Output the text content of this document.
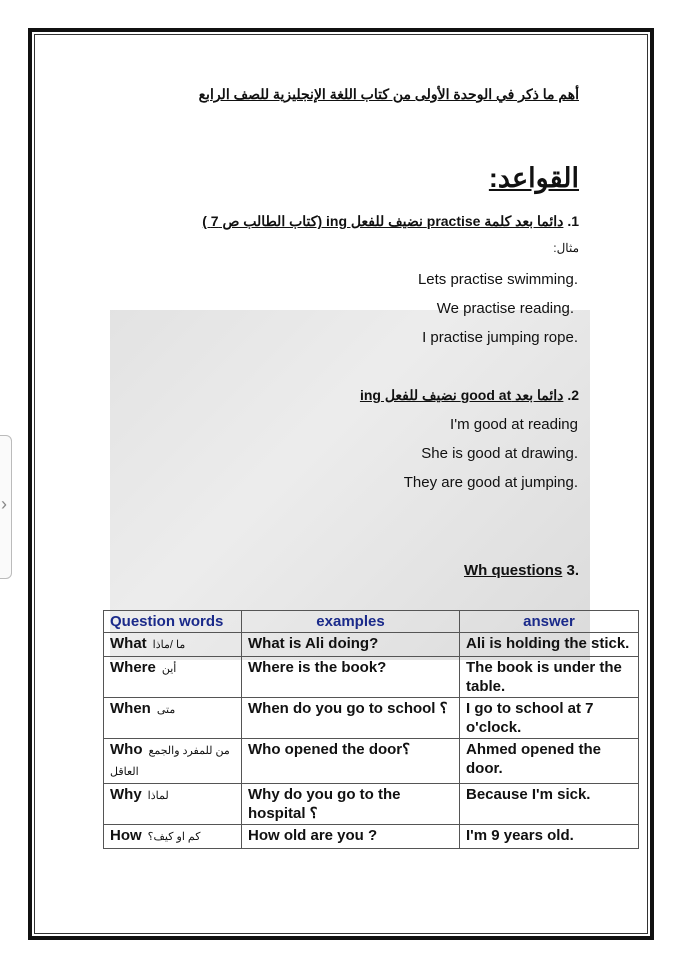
›
أهم ما ذكر في الوحدة الأولى من كتاب اللغة الإنجليزية للصف الرابع
القواعد:
1. دائما بعد كلمة practise نضيف للفعل ing (كتاب الطالب ص 7 )
مثال:
Lets practise swimming.
We practise reading.
I practise jumping rope.
2. دائما بعد good at نضيف للفعل ing
I'm good at reading
She is good at drawing.
They are good at jumping.
Wh questions 3.
Question words	examples	answer
What ما /ماذا	What is Ali doing?	Ali is holding the stick.
Where أين	Where is the book?	The book is under the table.
When متى	When do you go to school ؟	I go to school at 7 o'clock.
Who من للمفرد والجمع العاقل	Who opened the door؟	Ahmed opened the door.
Why لماذا	Why do you go to the hospital ؟	Because I'm sick.
How كم او كيف؟	How old are you ?	I'm 9 years old.
